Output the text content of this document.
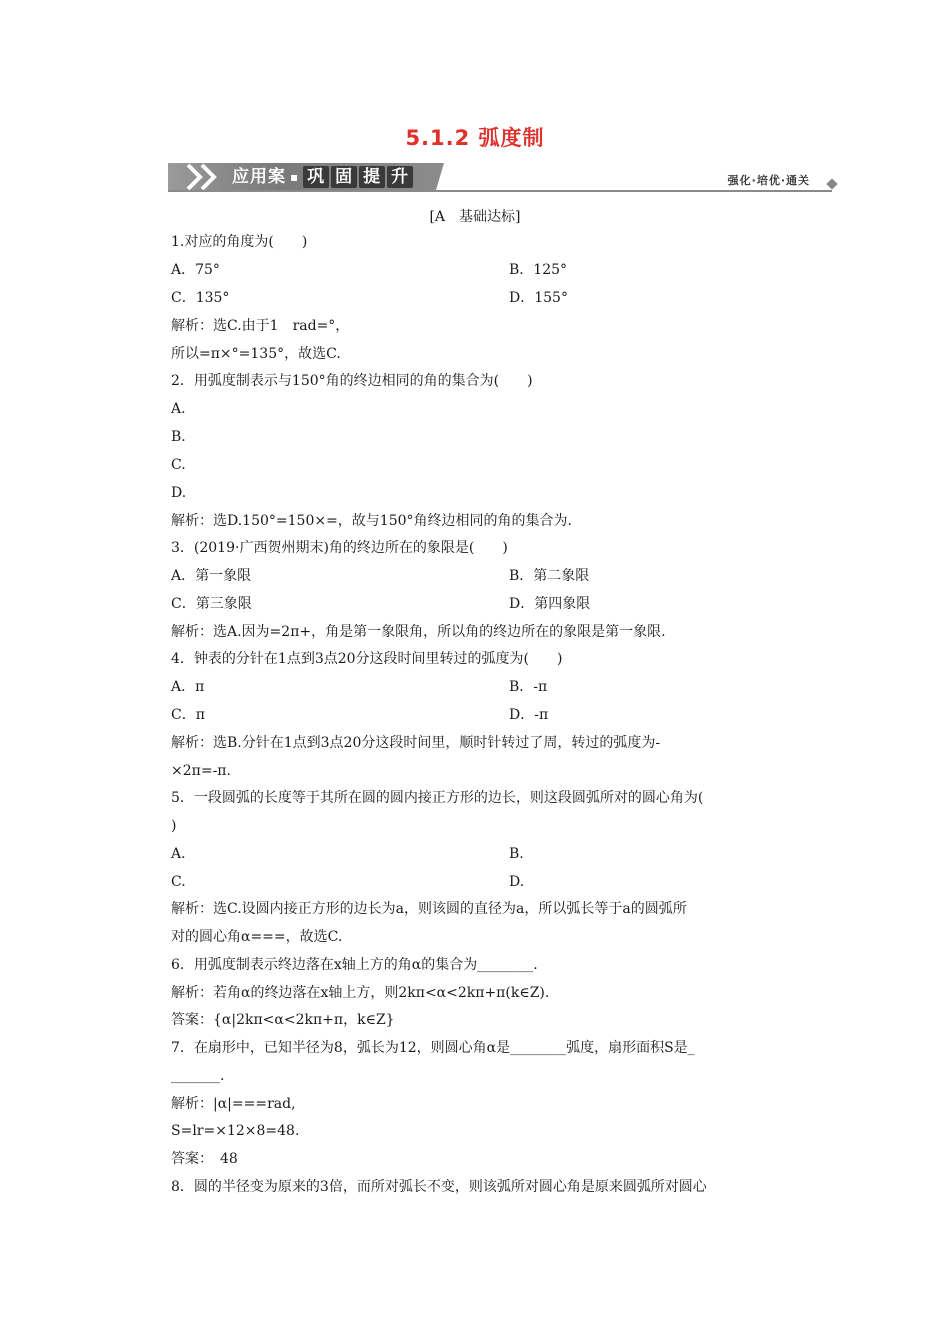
5.1.2 弧度制
应用案 ▪ 巩 固 提 升	强化·培优·通关
[A　基础达标]
1.对应的角度为(　　)
A．75°	B．125°
C．135°	D．155°
解析：选C.由于1　rad=°，
所以=π×°=135°，故选C.
2．用弧度制表示与150°角的终边相同的角的集合为(　　)
A.
B.
C.
D.
解析：选D.150°=150×=，故与150°角终边相同的角的集合为.
3．(2019·广西贺州期末)角的终边所在的象限是(　　)
A．第一象限	B．第二象限
C．第三象限	D．第四象限
解析：选A.因为=2π+，角是第一象限角，所以角的终边所在的象限是第一象限.
4．钟表的分针在1点到3点20分这段时间里转过的弧度为(　　)
A．π	B．-π
C．π	D．-π
解析：选B.分针在1点到3点20分这段时间里，顺时针转过了周，转过的弧度为-
×2π=-π.
5．一段圆弧的长度等于其所在圆的圆内接正方形的边长，则这段圆弧所对的圆心角为(
)
A.	B.
C.	D.
解析：选C.设圆内接正方形的边长为a，则该圆的直径为a，所以弧长等于a的圆弧所
对的圆心角α===，故选C.
6．用弧度制表示终边落在x轴上方的角α的集合为________.
解析：若角α的终边落在x轴上方，则2kπ<α<2kπ+π(k∈Z).
答案：{α|2kπ<α<2kπ+π，k∈Z}
7．在扇形中，已知半径为8，弧长为12，则圆心角α是________弧度，扇形面积S是_
_______.
解析：|α|===rad,
S=lr=×12×8=48.
答案：　48
8．圆的半径变为原来的3倍，而所对弧长不变，则该弧所对圆心角是原来圆弧所对圆心
